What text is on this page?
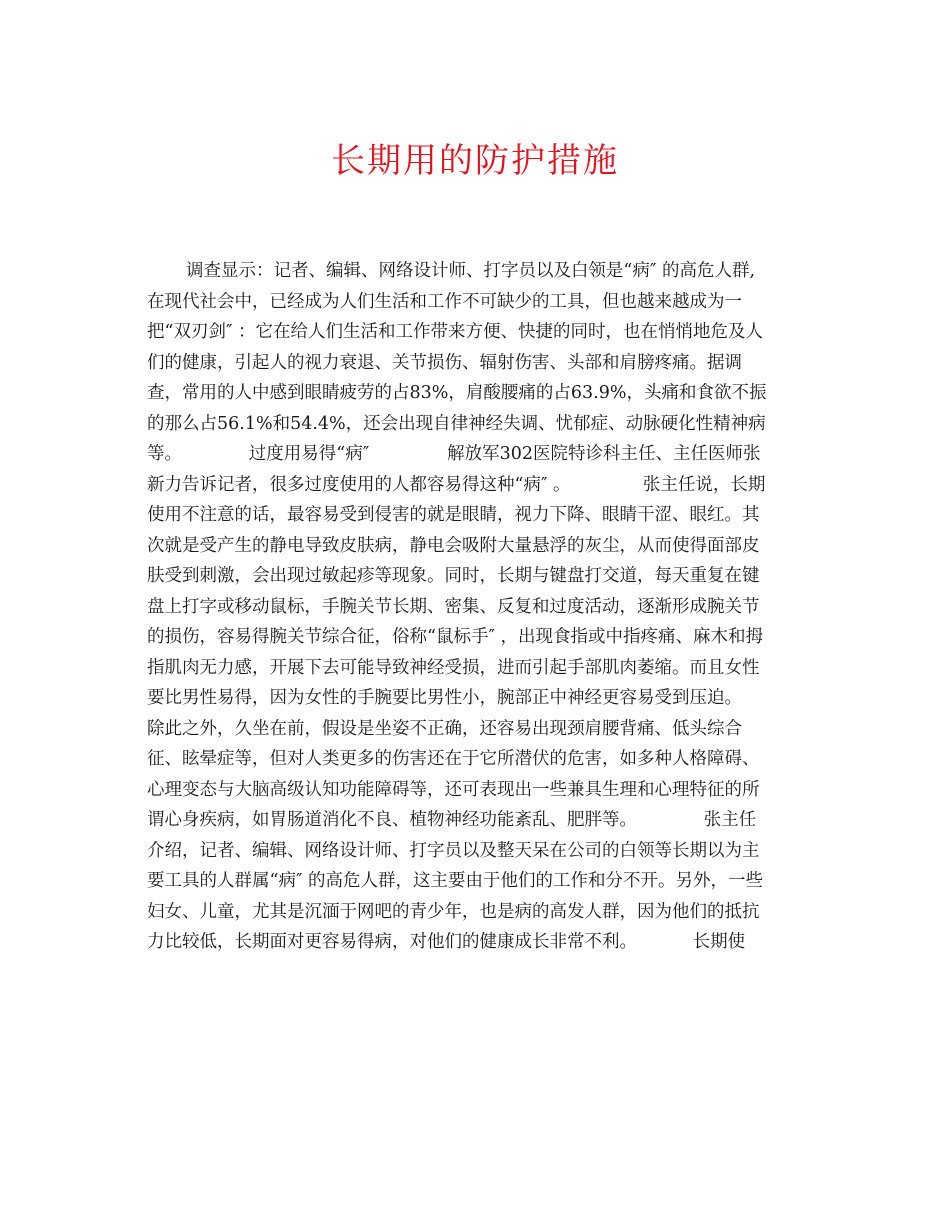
长期用的防护措施
调查显示：记者、编辑、网络设计师、打字员以及白领是“病″ 的高危人群,
在现代社会中，已经成为人们生活和工作不可缺少的工具，但也越来越成为一
把“双刃剑″ ：它在给人们生活和工作带来方便、快捷的同时，也在悄悄地危及人
们的健康，引起人的视力衰退、关节损伤、辐射伤害、头部和肩膀疼痛。据调
查，常用的人中感到眼睛疲劳的占83%，肩酸腰痛的占63.9%，头痛和食欲不振
的那么占56.1%和54.4%，还会出现自律神经失调、忧郁症、动脉硬化性精神病
等。            过度用易得“病″              解放军302医院特诊科主任、主任医师张
新力告诉记者，很多过度使用的人都容易得这种“病″ 。             张主任说，长期
使用不注意的话，最容易受到侵害的就是眼睛，视力下降、眼睛干涩、眼红。其
次就是受产生的静电导致皮肤病，静电会吸附大量悬浮的灰尘，从而使得面部皮
肤受到刺激，会出现过敏起疹等现象。同时，长期与键盘打交道，每天重复在键
盘上打字或移动鼠标，手腕关节长期、密集、反复和过度活动，逐渐形成腕关节
的损伤，容易得腕关节综合征，俗称“鼠标手″ ，出现食指或中指疼痛、麻木和拇
指肌肉无力感，开展下去可能导致神经受损，进而引起手部肌肉萎缩。而且女性
要比男性易得，因为女性的手腕要比男性小，腕部正中神经更容易受到压迫。
除此之外，久坐在前，假设是坐姿不正确，还容易出现颈肩腰背痛、低头综合
征、眩晕症等，但对人类更多的伤害还在于它所潜伏的危害，如多种人格障碍、
心理变态与大脑高级认知功能障碍等，还可表现出一些兼具生理和心理特征的所
谓心身疾病，如胃肠道消化不良、植物神经功能紊乱、肥胖等。            张主任
介绍，记者、编辑、网络设计师、打字员以及整天呆在公司的白领等长期以为主
要工具的人群属“病″ 的高危人群，这主要由于他们的工作和分不开。另外，一些
妇女、儿童，尤其是沉湎于网吧的青少年，也是病的高发人群，因为他们的抵抗
力比较低，长期面对更容易得病，对他们的健康成长非常不利。          长期使
